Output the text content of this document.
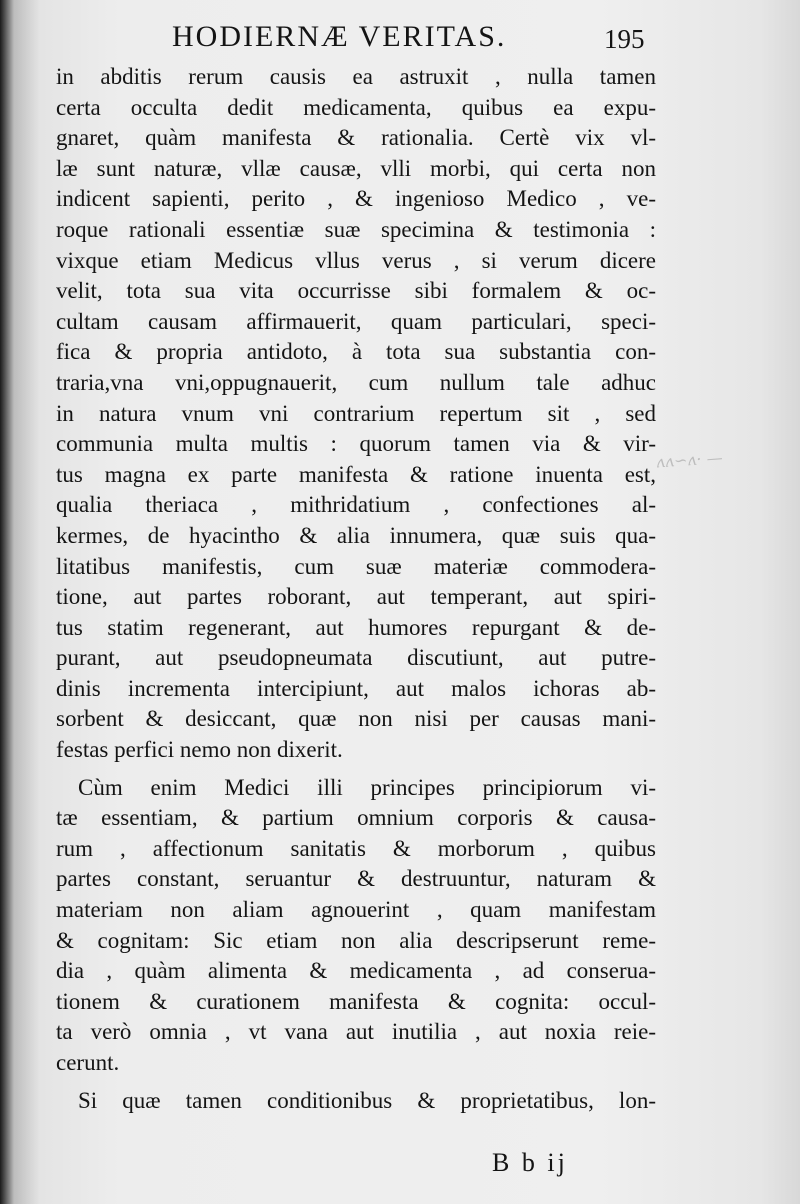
ʌʌ∽ʌ· —
HODIERNÆ VERITAS.	195
in abditis rerum causis ea astruxit , nulla tamen
certa occulta dedit medicamenta, quibus ea expu-
gnaret, quàm manifesta & rationalia. Certè vix vl-
læ sunt naturæ, vllæ causæ, vlli morbi, qui certa non
indicent sapienti, perito , & ingenioso Medico , ve-
roque rationali essentiæ suæ specimina & testimonia :
vixque etiam Medicus vllus verus , si verum dicere
velit, tota sua vita occurrisse sibi formalem & oc-
cultam causam affirmauerit, quam particulari, speci-
fica & propria antidoto, à tota sua substantia con-
traria,vna vni,oppugnauerit, cum nullum tale adhuc
in natura vnum vni contrarium repertum sit , sed
communia multa multis : quorum tamen via & vir-
tus magna ex parte manifesta & ratione inuenta est,
qualia theriaca , mithridatium , confectiones al-
kermes, de hyacintho & alia innumera, quæ suis qua-
litatibus manifestis, cum suæ materiæ commodera-
tione, aut partes roborant, aut temperant, aut spiri-
tus statim regenerant, aut humores repurgant & de-
purant, aut pseudopneumata discutiunt, aut putre-
dinis incrementa intercipiunt, aut malos ichoras ab-
sorbent & desiccant, quæ non nisi per causas mani-
festas perfici nemo non dixerit.
Cùm enim Medici illi principes principiorum vi-
tæ essentiam, & partium omnium corporis & causa-
rum , affectionum sanitatis & morborum , quibus
partes constant, seruantur & destruuntur, naturam &
materiam non aliam agnouerint , quam manifestam
& cognitam: Sic etiam non alia descripserunt reme-
dia , quàm alimenta & medicamenta , ad conserua-
tionem & curationem manifesta & cognita: occul-
ta verò omnia , vt vana aut inutilia , aut noxia reie-
cerunt.
Si quæ tamen conditionibus & proprietatibus, lon-
B b ij
